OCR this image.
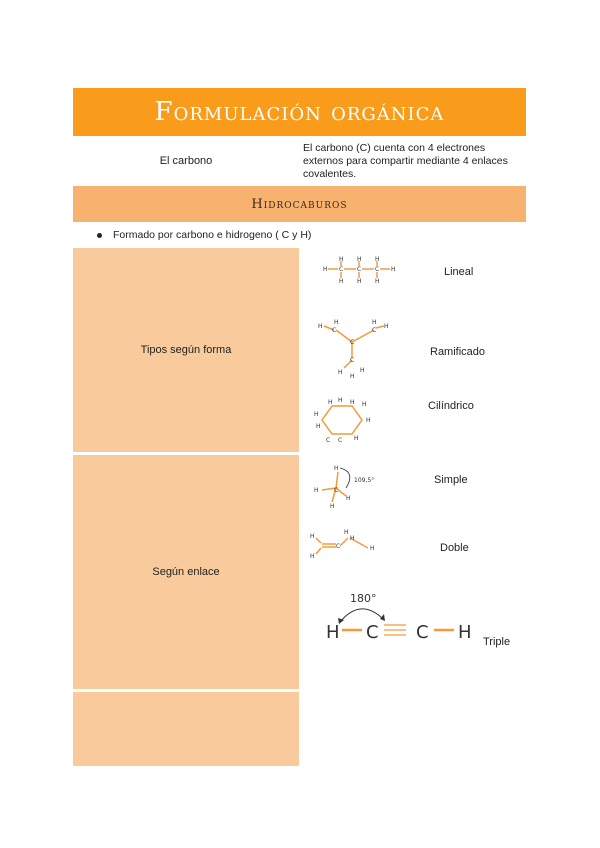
Formulación orgánica
El carbono
El carbono (C) cuenta con 4 electrones externos para compartir mediante 4 enlaces covalentes.
Hidrocaburos
Formado por carbono e hidrogeno ( C y H)
Tipos según forma
Según enlace
Lineal
Ramificado
Cilíndrico
Simple
Doble
Triple
H C C C H
H H H
H H H
H
C
C
C
H
H	H
C
H	H
H
H H H H
H
H
H
C C H
H
H	C
H
H
109,5°
H
H
C
H
H
H
180°
H C C H
